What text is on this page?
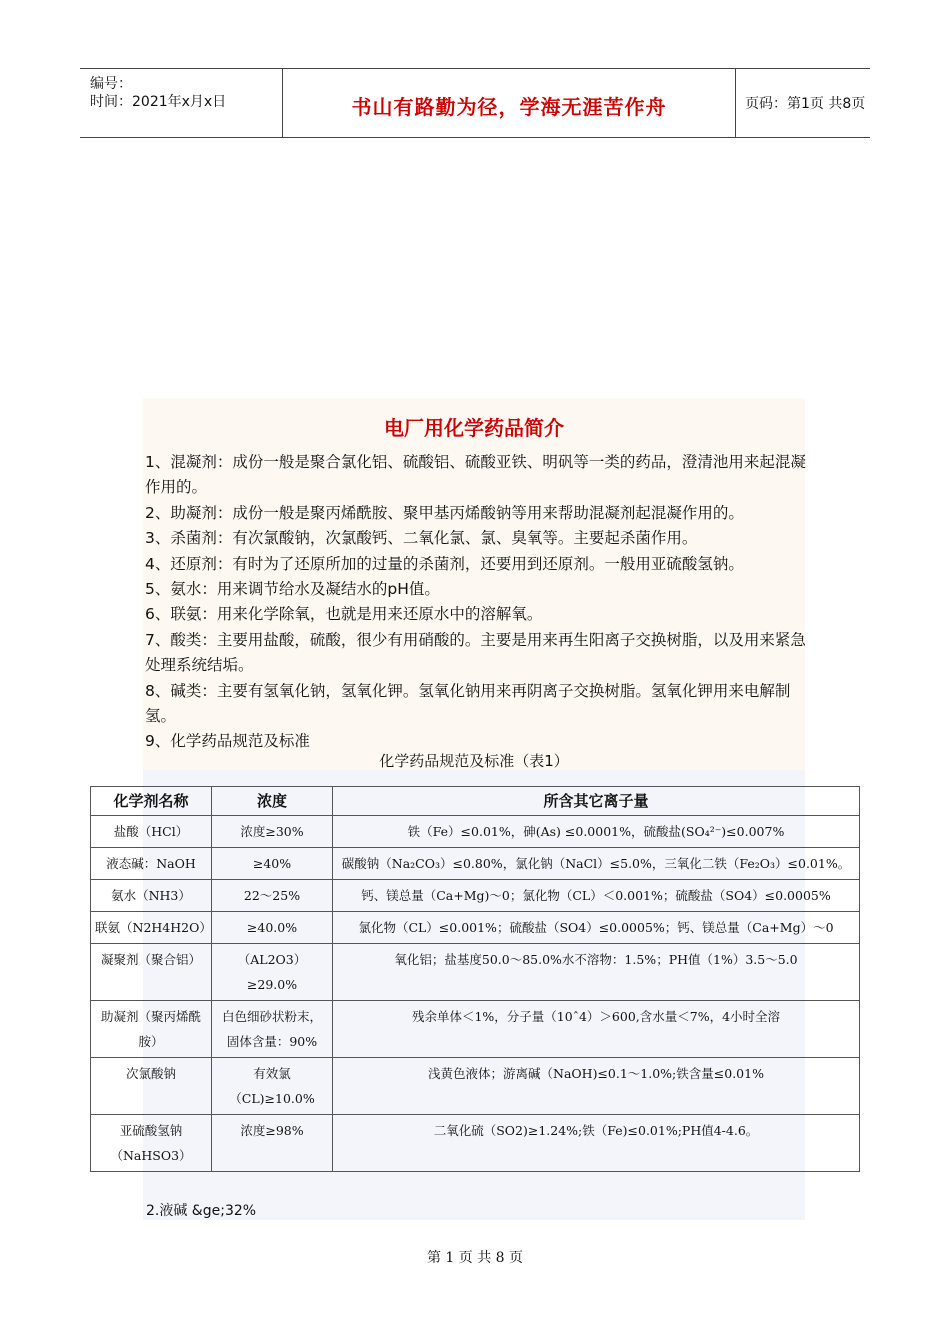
编号：
时间：2021年x月x日	书山有路勤为径，学海无涯苦作舟	页码：第1页 共8页
电厂用化学药品简介

1、混凝剂：成份一般是聚合氯化铝、硫酸铝、硫酸亚铁、明矾等一类的药品，澄清池用来起混凝作用的。

2、助凝剂：成份一般是聚丙烯酰胺、聚甲基丙烯酸钠等用来帮助混凝剂起混凝作用的。

3、杀菌剂：有次氯酸钠，次氯酸钙、二氧化氯、氯、臭氧等。主要起杀菌作用。

4、还原剂：有时为了还原所加的过量的杀菌剂，还要用到还原剂。一般用亚硫酸氢钠。

5、氨水：用来调节给水及凝结水的pH值。

6、联氨：用来化学除氧，也就是用来还原水中的溶解氧。

7、酸类：主要用盐酸，硫酸，很少有用硝酸的。主要是用来再生阳离子交换树脂，以及用来紧急处理系统结垢。

8、碱类：主要有氢氧化钠，氢氧化钾。氢氧化钠用来再阴离子交换树脂。氢氧化钾用来电解制氢。

9、化学药品规范及标准

化学药品规范及标准（表1）
化学剂名称	浓度	所含其它离子量
盐酸（HCl）	浓度≥30%	铁（Fe）≤0.01%，砷(As) ≤0.0001%，硫酸盐(SO₄²⁻)≤0.007%
液态碱：NaOH	≥40%	碳酸钠（Na₂CO₃）≤0.80%，氯化钠（NaCl）≤5.0%，三氧化二铁（Fe₂O₃）≤0.01%。
氨水（NH3）	22～25%	钙、镁总量（Ca+Mg)～0；氯化物（CL）＜0.001%；硫酸盐（SO4）≤0.0005%
联氨（N2H4H2O）	≥40.0%	氯化物（CL）≤0.001%；硫酸盐（SO4）≤0.0005%；钙、镁总量（Ca+Mg）～0
凝聚剂（聚合铝）	（AL2O3）≥29.0%	氧化铝；盐基度50.0～85.0%水不溶物：1.5%；PH值（1%）3.5～5.0
助凝剂（聚丙烯酰胺）	白色细砂状粉末，固体含量：90%	残余单体＜1%，分子量（10ˆ4）＞600,含水量＜7%，4小时全溶
次氯酸钠	有效氯（CL)≥10.0%	浅黄色液体；游离碱（NaOH)≤0.1～1.0%;铁含量≤0.01%
亚硫酸氢钠（NaHSO3）	浓度≥98%	二氧化硫（SO2)≥1.24%;铁（Fe)≤0.01%;PH值4-4.6。
2.液碱 &ge;32%
第 1 页 共 8 页
